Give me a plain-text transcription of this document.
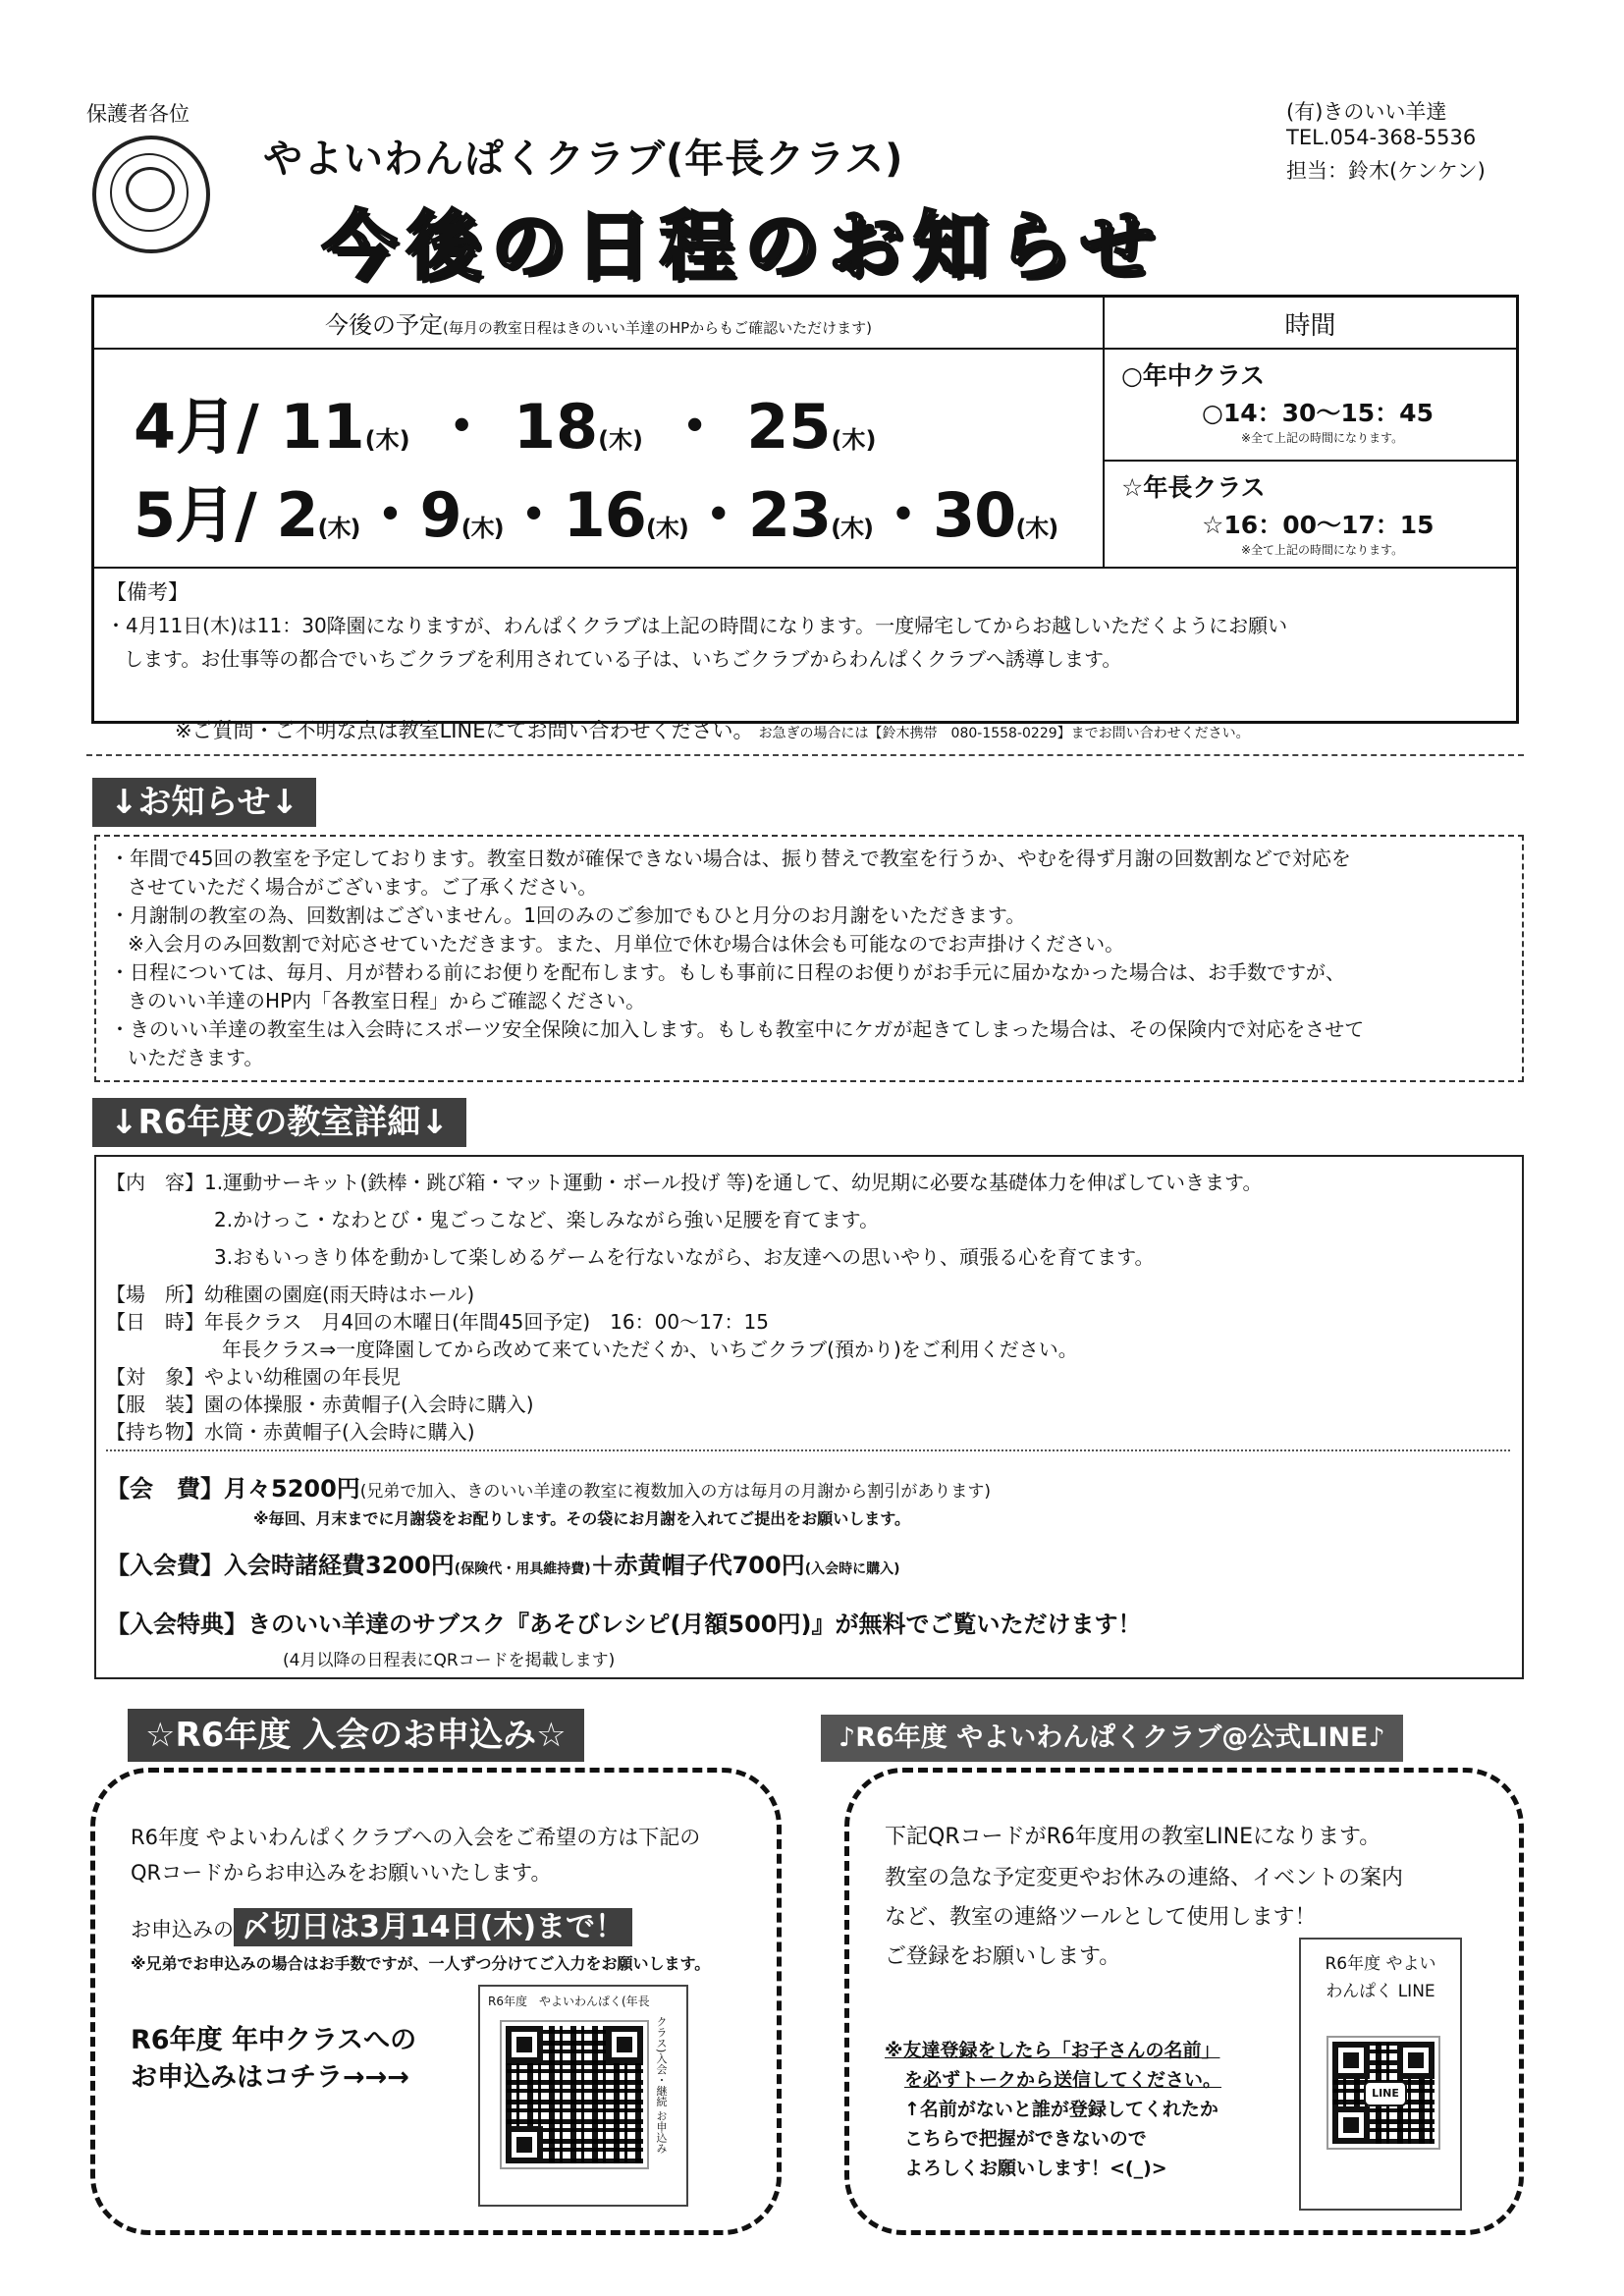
保護者各位
やよいわんぱくクラブ(年長クラス)
今後の日程のお知らせ
(有)きのいい羊達
TEL.054-368-5536
担当：鈴木(ケンケン)
今後の予定(毎月の教室日程はきのいい羊達のHPからもご確認いただけます)	時間
4月/ 11(木) ・ 18(木) ・ 25(木)
5月/ 2(木)・9(木)・16(木)・23(木)・30(木)
○年中クラス
○14：30～15：45
※全て上記の時間になります。
☆年長クラス
☆16：00～17：15
※全て上記の時間になります。
【備考】
・4月11日(木)は11：30降園になりますが、わんぱくクラブは上記の時間になります。一度帰宅してからお越しいただくようにお願い
します。お仕事等の都合でいちごクラブを利用されている子は、いちごクラブからわんぱくクラブへ誘導します。
※ご質問・ご不明な点は教室LINEにてお問い合わせください。 お急ぎの場合には【鈴木携帯　080-1558-0229】までお問い合わせください。
↓お知らせ↓
・年間で45回の教室を予定しております。教室日数が確保できない場合は、振り替えで教室を行うか、やむを得ず月謝の回数割などで対応を
させていただく場合がございます。ご了承ください。
・月謝制の教室の為、回数割はございません。1回のみのご参加でもひと月分のお月謝をいただきます。
※入会月のみ回数割で対応させていただきます。また、月単位で休む場合は休会も可能なのでお声掛けください。
・日程については、毎月、月が替わる前にお便りを配布します。もしも事前に日程のお便りがお手元に届かなかった場合は、お手数ですが、
きのいい羊達のHP内「各教室日程」からご確認ください。
・きのいい羊達の教室生は入会時にスポーツ安全保険に加入します。もしも教室中にケガが起きてしまった場合は、その保険内で対応をさせて
いただきます。
↓R6年度の教室詳細↓
【内　容】1.運動サーキット(鉄棒・跳び箱・マット運動・ボール投げ 等)を通して、幼児期に必要な基礎体力を伸ばしていきます。
2.かけっこ・なわとび・鬼ごっこなど、楽しみながら強い足腰を育てます。
3.おもいっきり体を動かして楽しめるゲームを行ないながら、お友達への思いやり、頑張る心を育てます。
【場　所】幼稚園の園庭(雨天時はホール)
【日　時】年長クラス　月4回の木曜日(年間45回予定)　16：00～17：15
年長クラス⇒一度降園してから改めて来ていただくか、いちごクラブ(預かり)をご利用ください。
【対　象】やよい幼稚園の年長児
【服　装】園の体操服・赤黄帽子(入会時に購入)
【持ち物】水筒・赤黄帽子(入会時に購入)
【会　費】月々5200円(兄弟で加入、きのいい羊達の教室に複数加入の方は毎月の月謝から割引があります)
※毎回、月末までに月謝袋をお配りします。その袋にお月謝を入れてご提出をお願いします。
【入会費】入会時諸経費3200円(保険代・用具維持費)＋赤黄帽子代700円(入会時に購入)
【入会特典】きのいい羊達のサブスク『あそびレシピ(月額500円)』が無料でご覧いただけます！
(4月以降の日程表にQRコードを掲載します)
☆R6年度 入会のお申込み☆
R6年度 やよいわんぱくクラブへの入会をご希望の方は下記の
QRコードからお申込みをお願いいたします。
お申込みの 〆切日は3月14日(木)まで！
※兄弟でお申込みの場合はお手数ですが、一人ずつ分けてご入力をお願いします。
R6年度 年中クラスへの
お申込みはコチラ→→→
R6年度　やよいわんぱく(年長
クラス)入会・継続 お申込み
♪R6年度 やよいわんぱくクラブ@公式LINE♪
下記QRコードがR6年度用の教室LINEになります。
教室の急な予定変更やお休みの連絡、イベントの案内
など、教室の連絡ツールとして使用します！
ご登録をお願いします。	R6年度 やよい
わんぱく LINE
LINE
※友達登録をしたら「お子さんの名前」
を必ずトークから送信してください。
↑名前がないと誰が登録してくれたか
こちらで把握ができないので
よろしくお願いします！<(_)>
